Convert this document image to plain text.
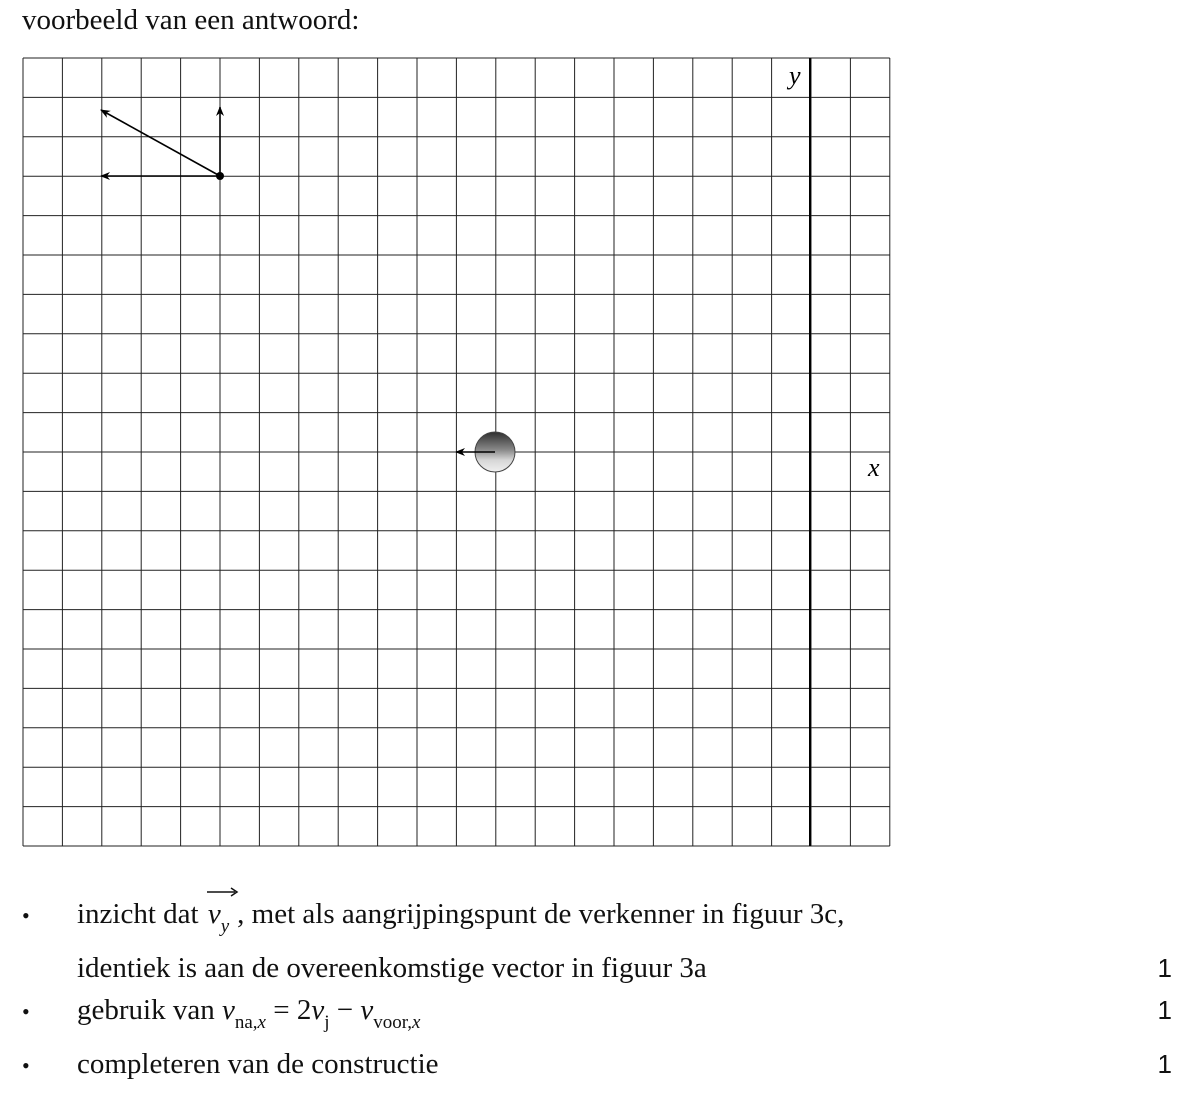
voorbeeld van een antwoord:
y
x
• inzicht dat
$v_y$ , met als aangrijpingspunt de verkenner in figuur 3c,
identiek is aan de overeenkomstige vector in figuur 3a	1
• gebruik van $v_{na,x} = 2v_j - v_{voor,x}$	1
• completeren van de constructie	1
